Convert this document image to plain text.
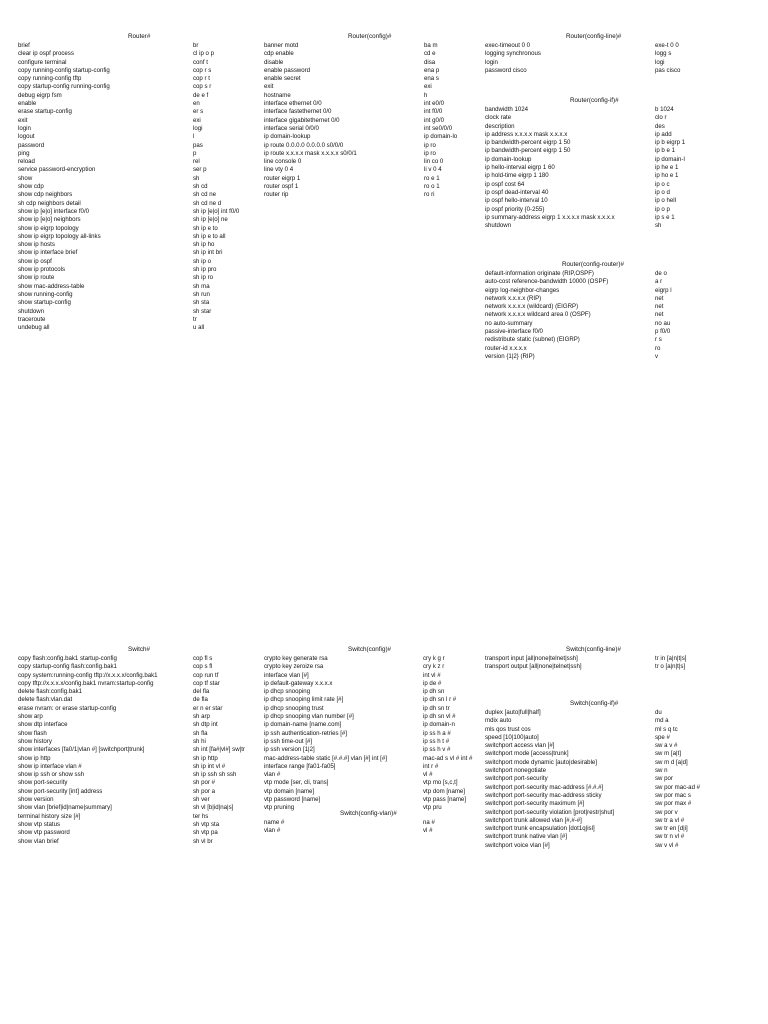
Router#
brief	br
clear ip ospf process	cl ip o p
configure terminal	conf t
copy running-config startup-config	cop r s
copy running-config tftp	cop r t
copy startup-config running-config	cop s r
debug eigrp fsm	de e f
enable	en
erase startup-config	er s
exit	exi
login	logi
logout	l
password	pas
ping	p
reload	rel
service password-encryption	ser p
show	sh
show cdp	sh cd
show cdp neighbors	sh cd ne
sh cdp neighbors detail	sh cd ne d
show ip [e|o] interface f0/0	sh ip [e|o] int f0/0
show ip [e|o] neighbors	sh ip [e|o] ne
show ip eigrp topology	sh ip e to
show ip eigrp topology all-links	sh ip e to all
show ip hosts	sh ip ho
show ip interface brief	sh ip int bri
show ip ospf	sh ip o
show ip protocols	sh ip pro
show ip route	sh ip ro
show mac-address-table	sh ma
show running-config	sh run
show startup-config	sh sta
shutdown	sh star
traceroute	tr
undebug all	u all
Router(config)#
banner motd	ba m
cdp enable	cd e
disable	disa
enable password	ena p
enable secret	ena s
exit	exi
hostname	h
interface ethernet 0/0	int e0/0
interface fastethernet 0/0	int f0/0
interface gigabitethernet 0/0	int g0/0
interface serial 0/0/0	int se0/0/0
ip domain-lookup	ip domain-lo
ip route 0.0.0.0 0.0.0.0 s0/0/0	ip ro
ip route x.x.x.x mask x.x.x.x s0/0/1	ip ro
line console 0	lin co 0
line vty 0 4	li v 0 4
router eigrp 1	ro e 1
router ospf 1	ro o 1
router rip	ro ri
Router(config-line)#
exec-timeout 0 0	exe-t 0 0
logging synchronous	logg s
login	logi
password cisco	pas cisco
Router(config-if)#
bandwidth 1024	b 1024
clock rate	clo r
description	des
ip address x.x.x.x mask x.x.x.x	ip add
ip bandwidth-percent eigrp 1 50	ip b eigrp 1
ip bandwidth-percent eigrp 1 50	ip b e 1
ip domain-lookup	ip domain-l
ip hello-interval eigrp 1 60	ip he e 1
ip hold-time eigrp 1 180	ip ho e 1
ip ospf cost 64	ip o c
ip ospf dead-interval 40	ip o d
ip ospf hello-interval 10	ip o hell
ip ospf priority {0-255}	ip o p
ip summary-address eigrp 1 x.x.x.x mask x.x.x.x	ip s e 1
shutdown	sh
Router(config-router)#
default-information originate (RIP,OSPF)	de o
auto-cost reference-bandwidth 10000 (OSPF)	a r
eigrp log-neighbor-changes	eigrp l
network x.x.x.x (RIP)	net
network x.x.x.x (wildcard) (EIGRP)	net
network x.x.x.x wildcard area 0 (OSPF)	net
no auto-summary	no au
passive-interface f0/0	p f0/0
redistribute static (subnet) (EIGRP)	r s
router-id x.x.x.x	ro
version {1|2} (RIP)	v
Switch#
copy flash:config.bak1 startup-config	cop fl s
copy startup-config flash:config.bak1	cop s fl
copy system:running-config tftp://x.x.x.x/config.bak1	cop run tf
copy tftp://x.x.x.x/config.bak1 nvram:startup-config	cop tf star
delete flash:config.bak1	del fla
delete flash:vlan.dat	de fla
erase nvram: or erase startup-config	er n er star
show arp	sh arp
show dtp interface	sh dtp int
show flash	sh fla
show history	sh hi
show interfaces [fa0/1|vlan #] [switchport|trunk]	sh int [fa#|vl#] sw|tr
show ip http	sh ip http
show ip interface vlan #	sh ip int vl #
show ip ssh or show ssh	sh ip ssh sh ssh
show port-security	sh por #
show port-security [int] address	sh por a
show version	sh ver
show vlan [brief|id|name|summary]	sh vl [b|id|na|s]
terminal history size [#]	ter hs
show vtp status	sh vtp sta
show vtp password	sh vtp pa
show vlan brief	sh vl br
Switch(config)#
crypto key generate rsa	cry k g r
crypto key zeroize rsa	cry k z r
interface vlan [#]	int vl #
ip default-gateway x.x.x.x	ip de #
ip dhcp snooping	ip dh sn
ip dhcp snooping limit rate [#]	ip dh sn l r #
ip dhcp snooping trust	ip dh sn tr
ip dhcp snooping vlan number [#]	ip dh sn vl #
ip domain-name [name.com]	ip domain-n
ip ssh authentication-retries [#]	ip ss h a #
ip ssh time-out [#]	ip ss h t #
ip ssh version [1|2]	ip ss h v #
mac-address-table static [#.#.#] vlan [#] int [#]	mac-ad s vl # int #
interface range [fa01-fa05]	int r #
vlan #	vl #
vtp mode [ser, cli, trans]	vtp mo [s,c,t]
vtp domain [name]	vtp dom [name]
vtp password [name]	vtp pass [name]
vtp pruning	vtp pru
Switch(config-vlan)#
name #	na #
vlan #	vl #
Switch(config-line)#
transport input [all|none|telnet|ssh]	tr in [a|n|t|s]
transport output [all|none|telnet|ssh]	tr o [a|n|t|s]
Switch(config-if)#
duplex [auto|full|half]	du
mdix auto	md a
mls qos trust cos	ml s q tc
speed [10|100|auto]	spe #
switchport access vlan [#]	sw a v #
switchport mode [access|trunk]	sw m [a|t]
switchport mode dynamic [auto|desirable]	sw m d [a|d]
switchport nonegotiate	sw n
switchport port-security	sw por
switchport port-security mac-address [#.#.#]	sw por mac-ad #
switchport port-security mac-address sticky	sw por mac s
switchport port-security maximum [#]	sw por max #
switchport port-security violation [prot|restr|shut]	sw por v
switchport trunk allowed vlan [#,#-#]	sw tr a vl #
switchport trunk encapsulation [dot1q|isl]	sw tr en [d|i]
switchport trunk native vlan [#]	sw tr n vl #
switchport voice vlan [#]	sw v vl #
